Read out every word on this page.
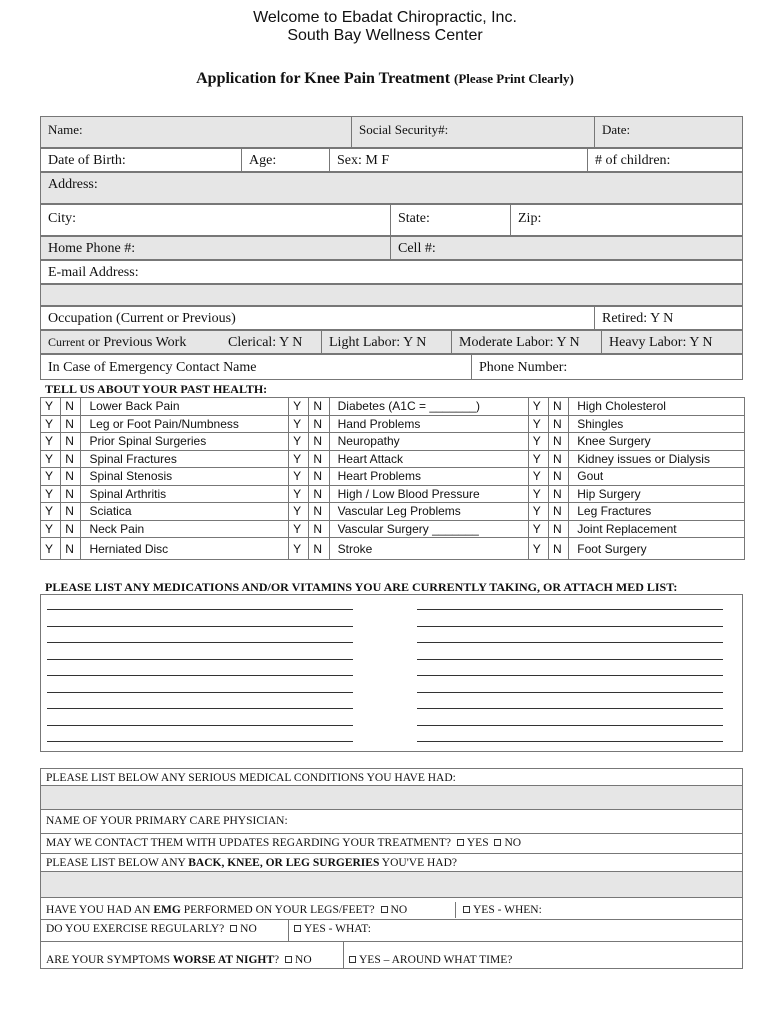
Welcome to Ebadat Chiropractic, Inc.
South Bay Wellness Center
Application for Knee Pain Treatment (Please Print Clearly)
Name:	Social Security#:	Date:
Date of Birth:	Age:	Sex: M F	# of children:
Address:
City:	State:	Zip:
Home Phone #:	Cell #:
E-mail Address:
Occupation (Current or Previous)	Retired: Y N
Current or Previous Work	Clerical: Y N	Light Labor: Y N	Moderate Labor: Y N	Heavy Labor: Y N
In Case of Emergency Contact Name	Phone Number:
TELL US ABOUT YOUR PAST HEALTH:
Y	N	Lower Back Pain	Y	N	Diabetes (A1C = _______)	Y	N	High Cholesterol
Y	N	Leg or Foot Pain/Numbness	Y	N	Hand Problems	Y	N	Shingles
Y	N	Prior Spinal Surgeries	Y	N	Neuropathy	Y	N	Knee Surgery
Y	N	Spinal Fractures	Y	N	Heart Attack	Y	N	Kidney issues or Dialysis
Y	N	Spinal Stenosis	Y	N	Heart Problems	Y	N	Gout
Y	N	Spinal Arthritis	Y	N	High / Low Blood Pressure	Y	N	Hip Surgery
Y	N	Sciatica	Y	N	Vascular Leg Problems	Y	N	Leg Fractures
Y	N	Neck Pain	Y	N	Vascular Surgery _______	Y	N	Joint Replacement
Y	N	Herniated Disc	Y	N	Stroke	Y	N	Foot Surgery
PLEASE LIST ANY MEDICATIONS AND/OR VITAMINS YOU ARE CURRENTLY TAKING, OR ATTACH MED LIST:
PLEASE LIST BELOW ANY SERIOUS MEDICAL CONDITIONS YOU HAVE HAD:
NAME OF YOUR PRIMARY CARE PHYSICIAN:
MAY WE CONTACT THEM WITH UPDATES REGARDING YOUR TREATMENT? YES NO
PLEASE LIST BELOW ANY BACK, KNEE, OR LEG SURGERIES YOU'VE HAD?
HAVE YOU HAD AN EMG PERFORMED ON YOUR LEGS/FEET? NO	YES - WHEN:
DO YOU EXERCISE REGULARLY? NO	YES - WHAT:
ARE YOUR SYMPTOMS WORSE AT NIGHT? NO	YES – AROUND WHAT TIME?
